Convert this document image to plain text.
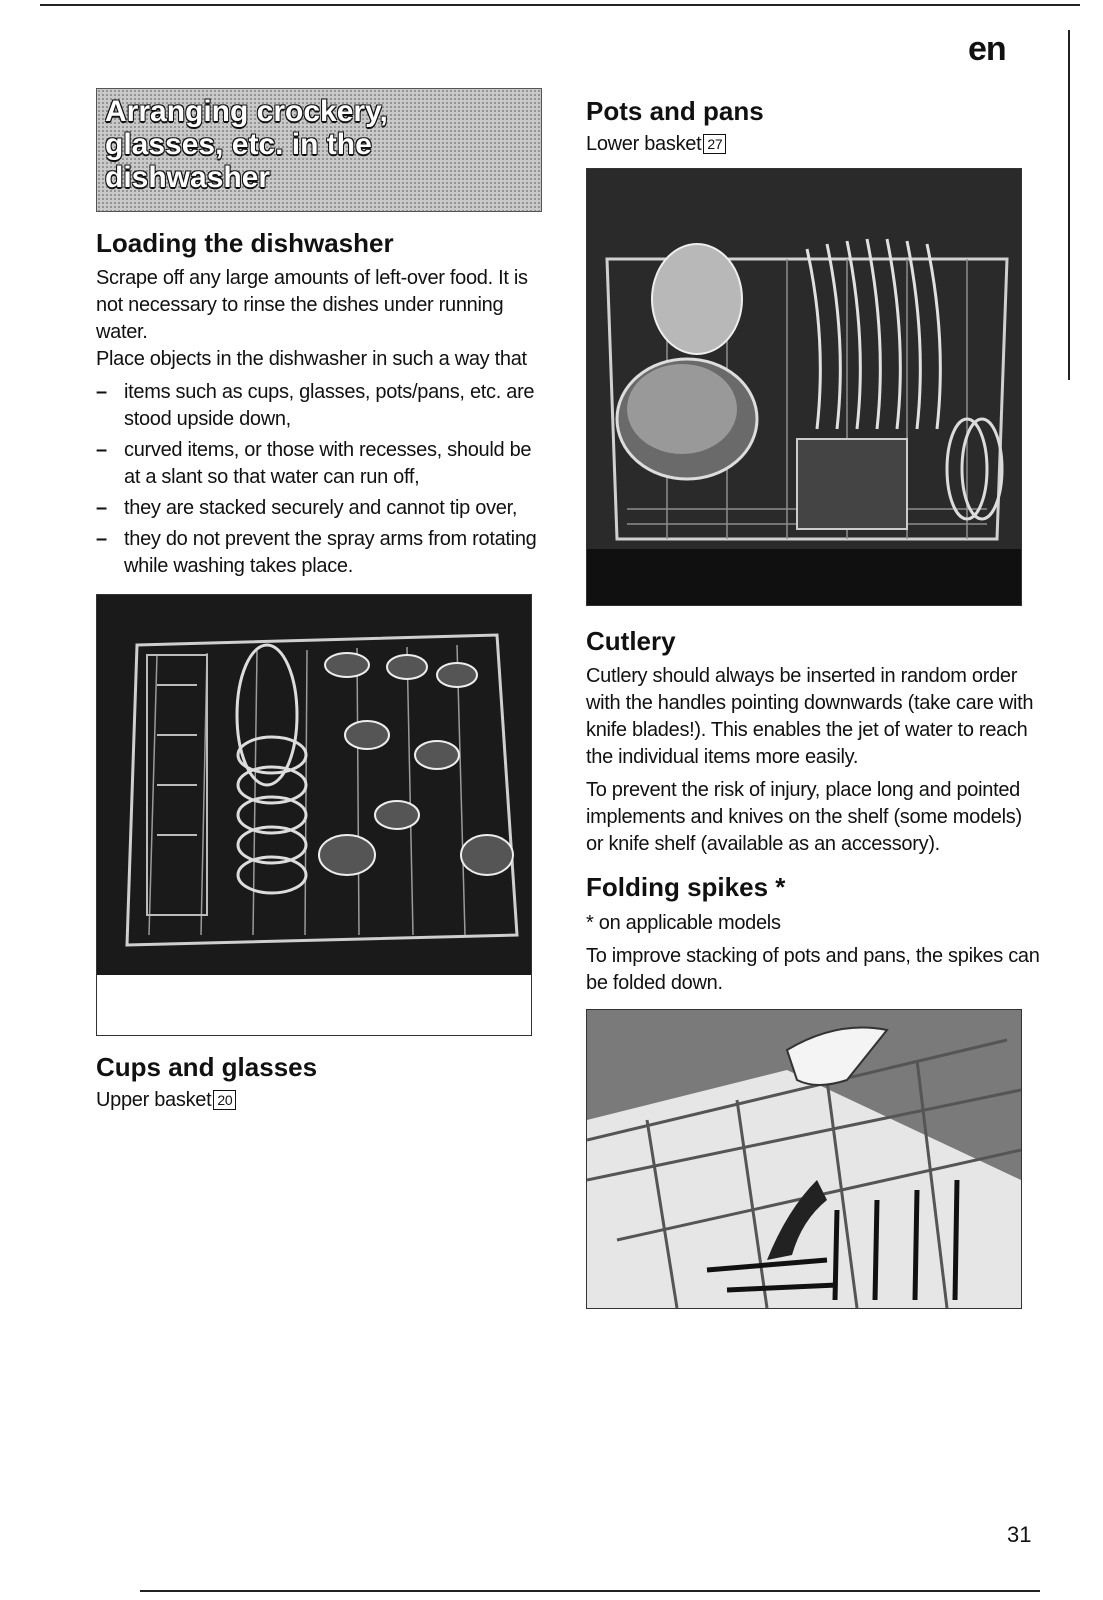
en
Arranging crockery,
glasses, etc. in the
dishwasher
Loading the dishwasher

Scrape off any large amounts of left-over food. It is not necessary to rinse the dishes under running water.

Place objects in the dishwasher in such a way that

– items such as cups, glasses, pots/pans, etc. are stood upside down,
– curved items, or those with recesses, should be at a slant so that water can run off,
– they are stacked securely and cannot tip over,
– they do not prevent the spray arms from rotating while washing takes place.
Cups and glasses
Upper basket 20
Pots and pans
Lower basket 27
Cutlery

Cutlery should always be inserted in random order with the handles pointing downwards (take care with knife blades!). This enables the jet of water to reach the individual items more easily.

To prevent the risk of injury, place long and pointed implements and knives on the shelf (some models) or knife shelf (available as an accessory).

Folding spikes *

* on applicable models

To improve stacking of pots and pans, the spikes can be folded down.

31
